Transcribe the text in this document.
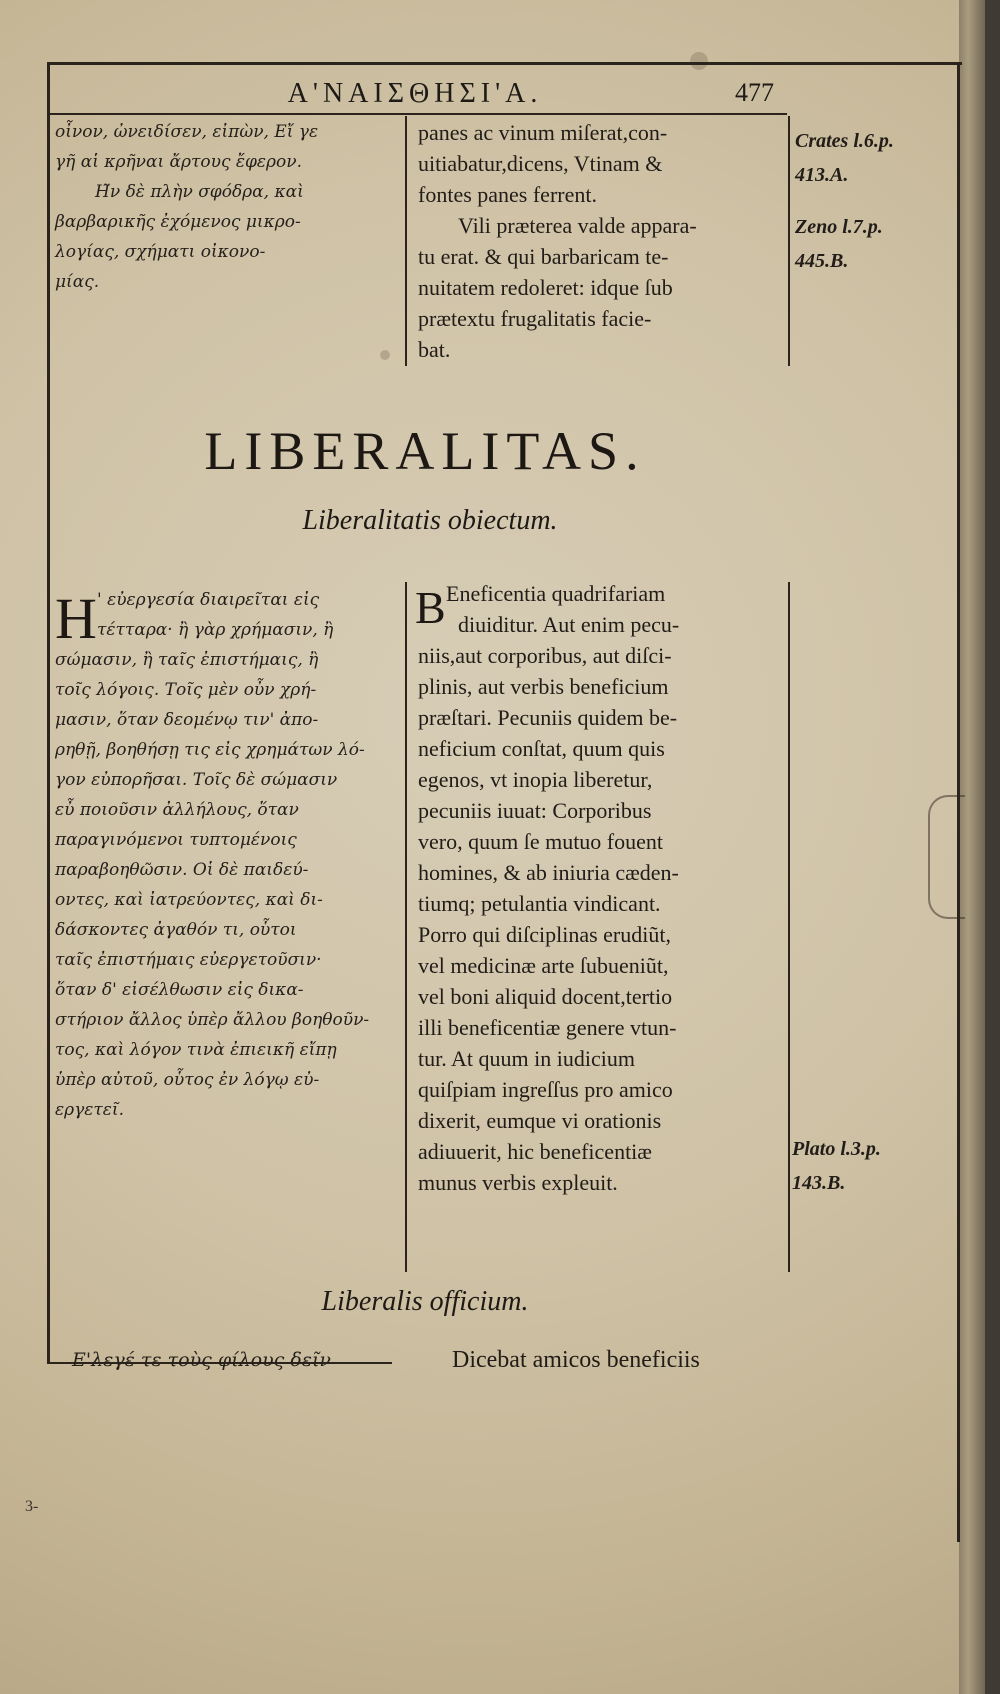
Α'ΝΑΙΣΘΗΣΙ'Α.	477
οἶνον, ὠνειδίσεν, εἰπὼν, Εἴ γε
γῆ αἱ κρῆναι ἄρτους ἔφερον.
Η̃ν δὲ πλὴν σφόδρα, καὶ
βαρβαρικῆς ἐχόμενος μικρο-
λογίας, σχήματι οἰκονο-
μίας.
panes ac vinum miſerat,con-
uitiabatur,dicens, Vtinam &
fontes panes ferrent.
Vili præterea valde appara-
tu erat. & qui barbaricam te-
nuitatem redoleret: idque ſub
prætextu frugalitatis facie-
bat.
Crates l.6.p.
413.A.
Zeno l.7.p.
445.B.
LIBERALITAS.
Liberalitatis obiectum.
H ' εὐεργεσία διαιρεῖται εἰς
τέτταρα· ἢ γὰρ χρήμασιν, ἢ
σώμασιν, ἢ ταῖς ἐπιστήμαις, ἢ
τοῖς λόγοις. Τοῖς μὲν οὖν χρή-
μασιν, ὅταν δεομένῳ τιν' ἀπο-
ρηθῇ, βοηθήσῃ τις εἰς χρημάτων λό-
γον εὐπορῆσαι. Τοῖς δὲ σώμασιν
εὖ ποιοῦσιν ἀλλήλους, ὅταν
παραγινόμενοι τυπτομένοις
παραβοηθῶσιν. Οἱ δὲ παιδεύ-
οντες, καὶ ἰατρεύοντες, καὶ δι-
δάσκοντες ἀγαθόν τι, οὗτοι
ταῖς ἐπιστήμαις εὐεργετοῦσιν·
ὅταν δ' εἰσέλθωσιν εἰς δικα-
στήριον ἄλλος ὑπὲρ ἄλλου βοηθοῦν-
τος, καὶ λόγον τινὰ ἐπιεικῆ εἴπῃ
ὑπὲρ αὐτοῦ, οὗτος ἐν λόγῳ εὐ-
εργετεῖ.
B Eneficentia quadrifariam
diuiditur. Aut enim pecu-
niis,aut corporibus, aut diſci-
plinis, aut verbis beneficium
præſtari. Pecuniis quidem be-
neficium conſtat, quum quis
egenos, vt inopia liberetur,
pecuniis iuuat: Corporibus
vero, quum ſe mutuo fouent
homines, & ab iniuria cæden-
tiumq; petulantia vindicant.
Porro qui diſciplinas erudiũt,
vel medicinæ arte ſubueniũt,
vel boni aliquid docent,tertio
illi beneficentiæ genere vtun-
tur. At quum in iudicium
quiſpiam ingreſſus pro amico
dixerit, eumque vi orationis
adiuuerit, hic beneficentiæ
munus verbis expleuit.
Plato l.3.p.
143.B.
Liberalis officium.
Ε'λεγέ τε τοὺς φίλους δεῖν	Dicebat amicos beneficiis
3-
